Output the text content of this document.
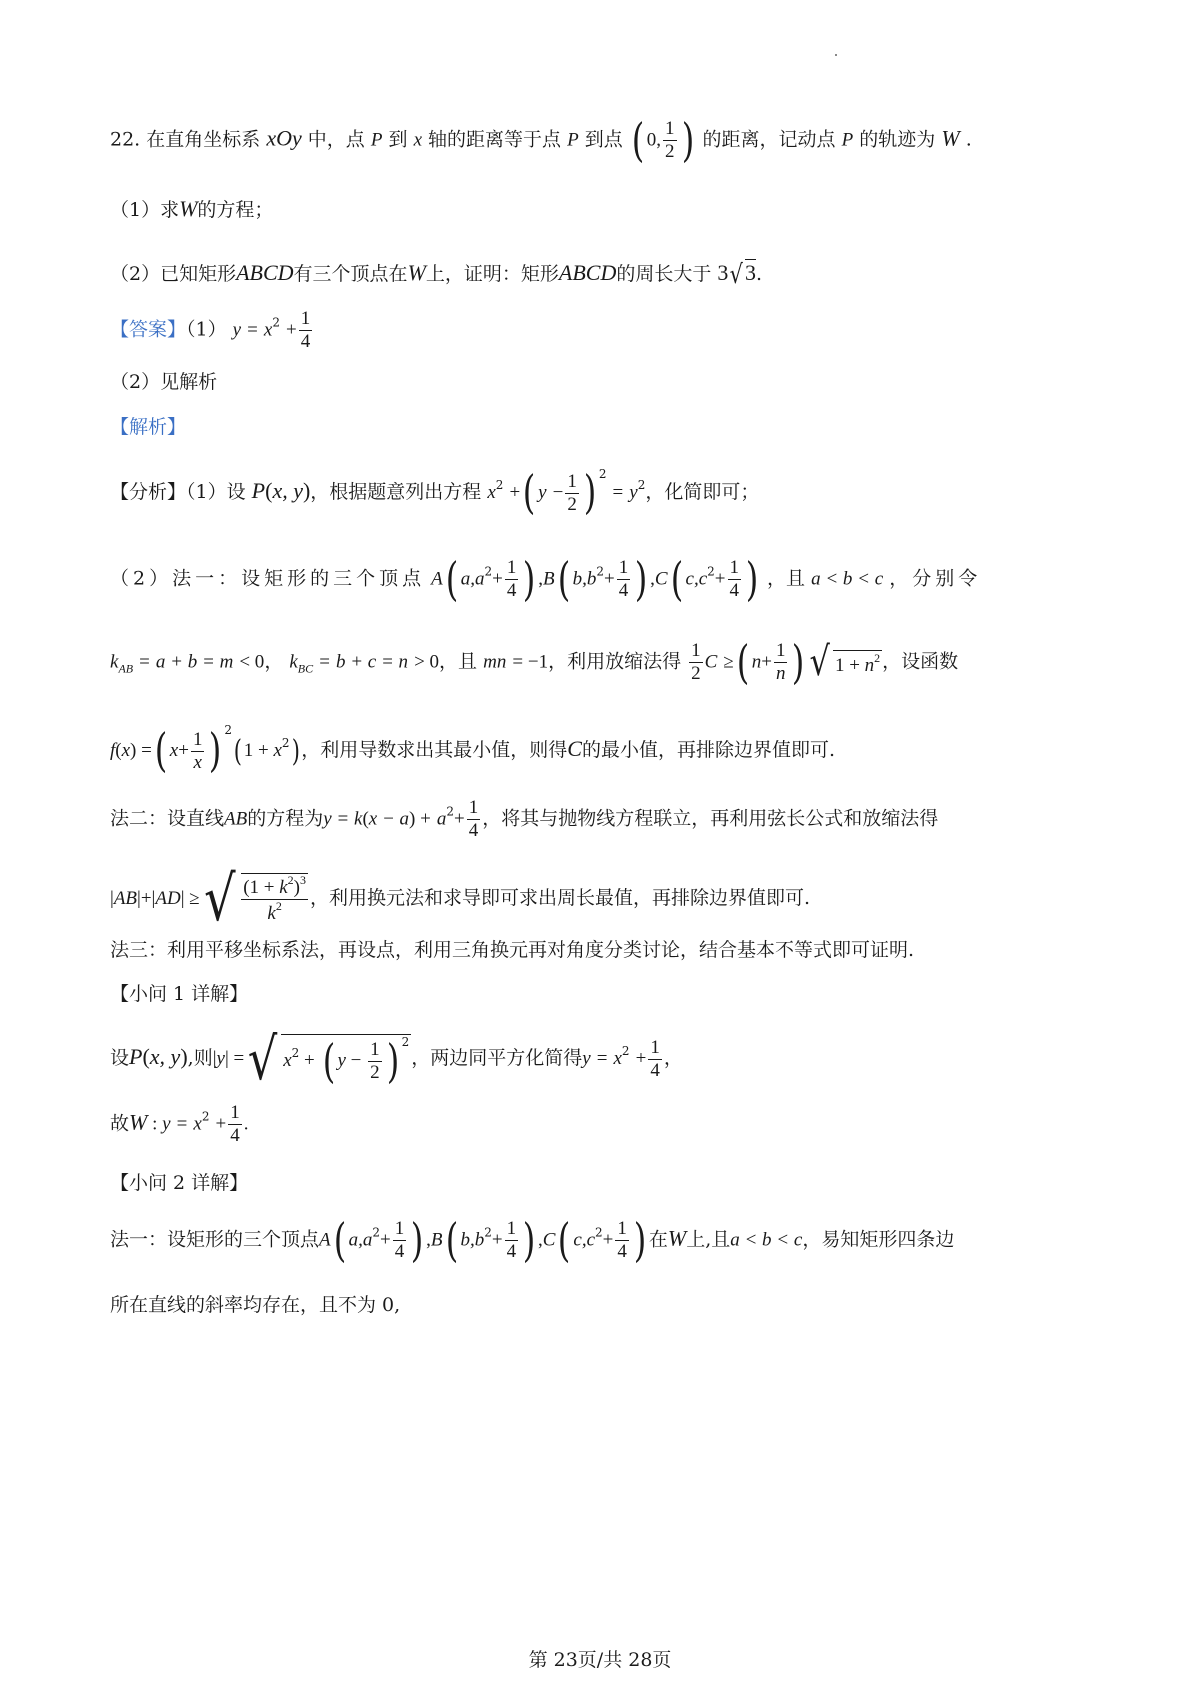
22. 在直角坐标系 xOy 中，点 P 到 x 轴的距离等于点 P 到点 ( 0, $\frac{1}{2}$ ) 的距离，记动点 P 的轨迹为 W .
（1）求W的方程；
（2）已知矩形ABCD有三个顶点在W上，证明：矩形ABCD的周长大于 3√3.
【答案】（1） $y = x^2 + \frac{1}{4}$
（2）见解析
【解析】
【分析】（1）设 P(x, y)，根据题意列出方程 $x^2$ +( $y - \frac{1}{2}$ ) $^2 = y^2$，化简即可；
（2）法一：设矩形的三个顶点 A( $a,a^2+ \frac{1}{4}$ ) ,B( $b,b^2+ \frac{1}{4}$ ) ,C( $c,c^2+ \frac{1}{4}$ ) ，且 a < b < c ，分别令
$k_{AB} = a + b = m < 0$， $k_{BC} = b + c = n > 0$，且 mn = −1，利用放缩法得 $\frac{1}{2}$ C ≥( $n+ \frac{1}{n}$ ) √ $1 + n^2$ ，设函数
f(x) =( $x+ \frac{1}{x}$ ) $^2(1 + x^2)$，利用导数求出其最小值，则得C的最小值，再排除边界值即可.
法二：设直线AB的方程为$y = k(x - a) + a^2+ \frac{1}{4}$ ，将其与抛物线方程联立，再利用弦长公式和放缩法得
|AB|+|AD| ≥√ $\frac{(1 + k^2)^3}{k^2}$ ，利用换元法和求导即可求出周长最值，再排除边界值即可.
法三：利用平移坐标系法，再设点，利用三角换元再对角度分类讨论，结合基本不等式即可证明.
【小问 1 详解】
设P(x, y),则|y| =√ $x^2$ + ( $y - \frac{1}{2}$ ) $^2$，两边同平方化简得$y = x^2 + \frac{1}{4}$ ，
故W : $y = x^2 + \frac{1}{4}$ .
【小问 2 详解】
法一：设矩形的三个顶点A( $a,a^2+ \frac{1}{4}$ ) ,B( $b,b^2+ \frac{1}{4}$ ) ,C( $c,c^2+ \frac{1}{4}$ ) 在W上,且a < b < c，易知矩形四条边
所在直线的斜率均存在，且不为 0,
第 23页/共 28页
